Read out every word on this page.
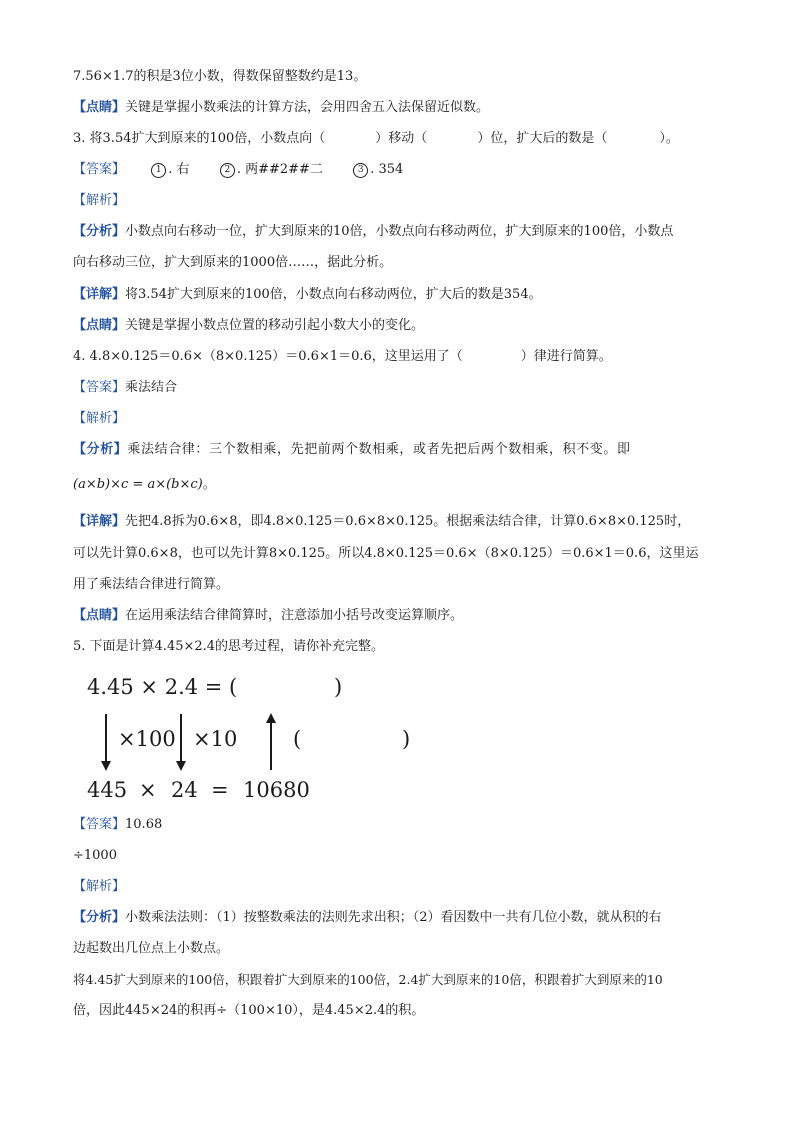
7.56×1.7的积是3位小数，得数保留整数约是13。
【点睛】关键是掌握小数乘法的计算方法，会用四舍五入法保留近似数。
3. 将3.54扩大到原来的100倍，小数点向（	）移动（	）位，扩大后的数是（	）。
【答案】	1 . 右	2 . 两##2##二	3 . 354
【解析】
【分析】小数点向右移动一位，扩大到原来的10倍，小数点向右移动两位，扩大到原来的100倍，小数点
向右移动三位，扩大到原来的1000倍……，据此分析。
【详解】将3.54扩大到原来的100倍，小数点向右移动两位，扩大后的数是354。
【点睛】关键是掌握小数点位置的移动引起小数大小的变化。
4. 4.8×0.125＝0.6×（8×0.125）＝0.6×1＝0.6，这里运用了（	）律进行简算。
【答案】乘法结合
【解析】
【分析】乘法结合律：三个数相乘，先把前两个数相乘，或者先把后两个数相乘，积不变。即
(a×b)×c = a×(b×c)。
【详解】先把4.8拆为0.6×8，即4.8×0.125＝0.6×8×0.125。根据乘法结合律，计算0.6×8×0.125时，
可以先计算0.6×8，也可以先计算8×0.125。所以4.8×0.125＝0.6×（8×0.125）＝0.6×1＝0.6，这里运
用了乘法结合律进行简算。
【点睛】在运用乘法结合律简算时，注意添加小括号改变运算顺序。
5. 下面是计算4.45×2.4的思考过程，请你补充完整。
4.45 × 2.4 = (	)
×100 ×10	(	)
445 × 24 = 10680
【答案】10.68
÷1000
【解析】
【分析】小数乘法法则：（1）按整数乘法的法则先求出积；（2）看因数中一共有几位小数，就从积的右
边起数出几位点上小数点。
将4.45扩大到原来的100倍，积跟着扩大到原来的100倍，2.4扩大到原来的10倍，积跟着扩大到原来的10
倍，因此445×24的积再÷（100×10），是4.45×2.4的积。
